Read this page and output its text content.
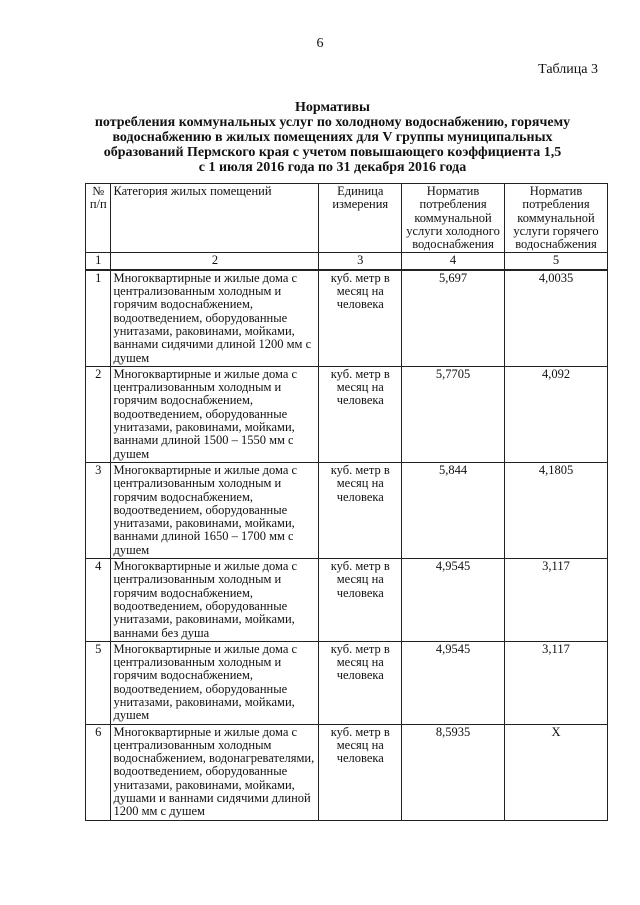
6
Таблица 3
Нормативы
потребления коммунальных услуг по холодному водоснабжению, горячему
водоснабжению в жилых помещениях для V группы муниципальных
образований Пермского края с учетом повышающего коэффициента 1,5
с 1 июля 2016 года по 31 декабря 2016 года
№ п/п	Категория жилых помещений	Единица измерения	Норматив потребления коммунальной услуги холодного водоснабжения	Норматив потребления коммунальной услуги горячего водоснабжения
1	2	3	4	5
1	Многоквартирные и жилые дома с централизованным холодным и горячим водоснабжением, водоотведением, оборудованные унитазами, раковинами, мойками, ваннами сидячими длиной 1200 мм с душем	куб. метр в месяц на человека	5,697	4,0035
2	Многоквартирные и жилые дома с централизованным холодным и горячим водоснабжением, водоотведением, оборудованные унитазами, раковинами, мойками, ваннами длиной 1500 – 1550 мм с душем	куб. метр в месяц на человека	5,7705	4,092
3	Многоквартирные и жилые дома с централизованным холодным и горячим водоснабжением, водоотведением, оборудованные унитазами, раковинами, мойками, ваннами длиной 1650 – 1700 мм с душем	куб. метр в месяц на человека	5,844	4,1805
4	Многоквартирные и жилые дома с централизованным холодным и горячим водоснабжением, водоотведением, оборудованные унитазами, раковинами, мойками, ваннами без душа	куб. метр в месяц на человека	4,9545	3,117
5	Многоквартирные и жилые дома с централизованным холодным и горячим водоснабжением, водоотведением, оборудованные унитазами, раковинами, мойками, душем	куб. метр в месяц на человека	4,9545	3,117
6	Многоквартирные и жилые дома с централизованным холодным водоснабжением, водонагревателями, водоотведением, оборудованные унитазами, раковинами, мойками, душами и ваннами сидячими длиной 1200 мм с душем	куб. метр в месяц на человека	8,5935	X
